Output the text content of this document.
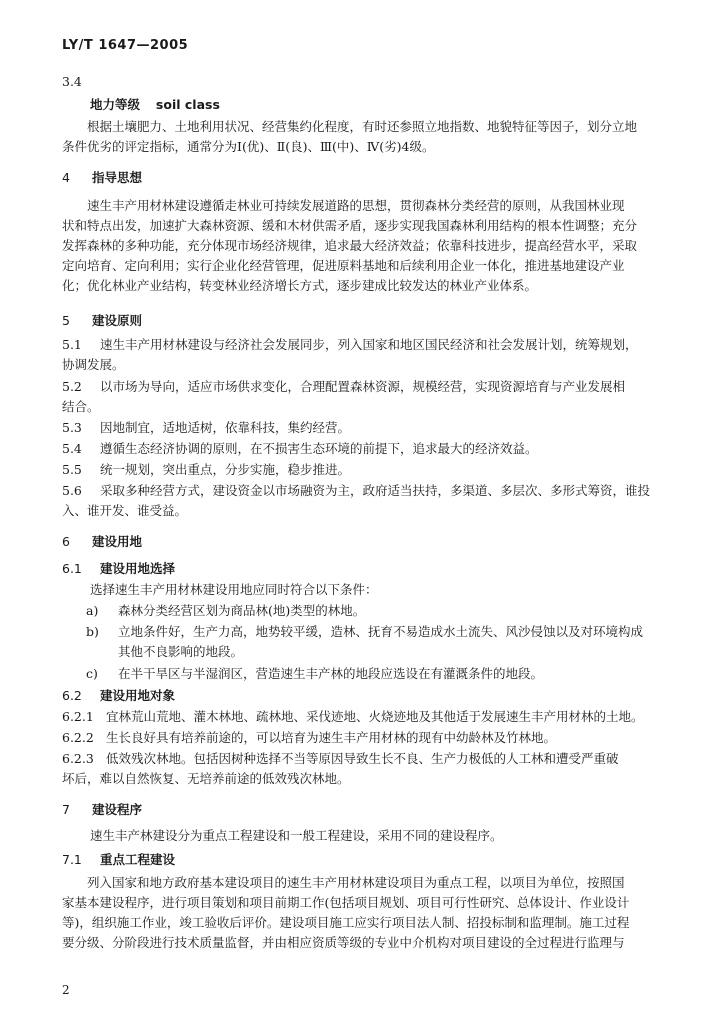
LY/T 1647—2005
3.4
地力等级 soil class
根据土壤肥力、土地利用状况、经营集约化程度，有时还参照立地指数、地貌特征等因子，划分立地
条件优劣的评定指标，通常分为Ⅰ(优)、Ⅱ(良)、Ⅲ(中)、Ⅳ(劣)4级。
4 指导思想
速生丰产用材林建设遵循走林业可持续发展道路的思想，贯彻森林分类经营的原则，从我国林业现
状和特点出发，加速扩大森林资源、缓和木材供需矛盾，逐步实现我国森林利用结构的根本性调整；充分
发挥森林的多种功能，充分体现市场经济规律，追求最大经济效益；依靠科技进步，提高经营水平，采取
定向培育、定向利用；实行企业化经营管理，促进原料基地和后续利用企业一体化，推进基地建设产业
化；优化林业产业结构，转变林业经济增长方式，逐步建成比较发达的林业产业体系。
5 建设原则
5.1 速生丰产用材林建设与经济社会发展同步，列入国家和地区国民经济和社会发展计划，统筹规划，
协调发展。
5.2 以市场为导向，适应市场供求变化，合理配置森林资源，规模经营，实现资源培育与产业发展相
结合。
5.3 因地制宜，适地适树，依靠科技，集约经营。
5.4 遵循生态经济协调的原则，在不损害生态环境的前提下，追求最大的经济效益。
5.5 统一规划，突出重点，分步实施，稳步推进。
5.6 采取多种经营方式，建设资金以市场融资为主，政府适当扶持，多渠道、多层次、多形式筹资，谁投
入、谁开发、谁受益。
6 建设用地
6.1 建设用地选择
选择速生丰产用材林建设用地应同时符合以下条件：
a) 森林分类经营区划为商品林(地)类型的林地。
b) 立地条件好，生产力高，地势较平缓，造林、抚育不易造成水土流失、风沙侵蚀以及对环境构成
其他不良影响的地段。
c) 在半干旱区与半湿润区，营造速生丰产林的地段应选设在有灌溉条件的地段。
6.2 建设用地对象
6.2.1 宜林荒山荒地、灌木林地、疏林地、采伐迹地、火烧迹地及其他适于发展速生丰产用材林的土地。
6.2.2 生长良好具有培养前途的，可以培育为速生丰产用材林的现有中幼龄林及竹林地。
6.2.3 低效残次林地。包括因树种选择不当等原因导致生长不良、生产力极低的人工林和遭受严重破
坏后，难以自然恢复、无培养前途的低效残次林地。
7 建设程序
速生丰产林建设分为重点工程建设和一般工程建设，采用不同的建设程序。
7.1 重点工程建设
列入国家和地方政府基本建设项目的速生丰产用材林建设项目为重点工程，以项目为单位，按照国
家基本建设程序，进行项目策划和项目前期工作(包括项目规划、项目可行性研究、总体设计、作业设计
等)，组织施工作业，竣工验收后评价。建设项目施工应实行项目法人制、招投标制和监理制。施工过程
要分级、分阶段进行技术质量监督，并由相应资质等级的专业中介机构对项目建设的全过程进行监理与
2
